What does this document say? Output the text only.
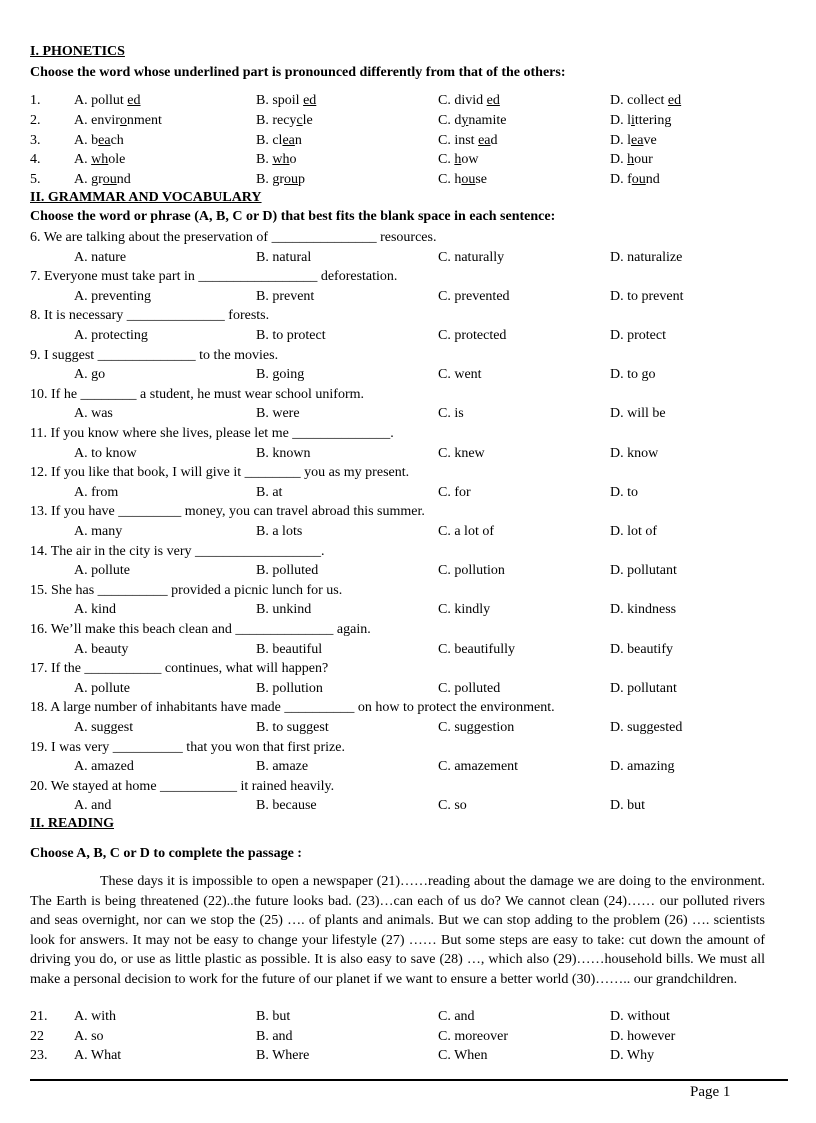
I. PHONETICS
Choose the word whose underlined part is pronounced differently from that of the others:
1. A. pollut ed	B. spoil ed	C. divid ed	D. collect ed
2. A. environment	B. recycle	C. dynamite	D. littering
3. A. beach	B. clean	C. inst ead	D. leave
4. A. whole	B. who	C. how	D. hour
5. A. ground	B. group	C. house	D. found
II. GRAMMAR AND VOCABULARY
Choose the word or phrase (A, B, C or D) that best fits the blank space in each sentence:
6. We are talking about the preservation of _______________ resources.
A. nature	B. natural	C. naturally	D. naturalize
7. Everyone must take part in _________________ deforestation.
A. preventing	B. prevent	C. prevented	D. to prevent
8. It is necessary ______________ forests.
A. protecting	B. to protect	C. protected	D. protect
9. I suggest ______________ to the movies.
A. go	B. going	C. went	D. to go
10. If he ________ a student, he must wear school uniform.
A. was	B. were	C. is	D. will be
11. If you know where she lives, please let me ______________.
A. to know	B. known	C. knew	D. know
12. If you like that book, I will give it ________ you as my present.
A. from	B. at	C. for	D. to
13. If you have _________ money, you can travel abroad this summer.
A. many	B. a lots	C. a lot of	D. lot of
14. The air in the city is very __________________.
A. pollute	B. polluted	C. pollution	D. pollutant
15. She has __________ provided a picnic lunch for us.
A. kind	B. unkind	C. kindly	D. kindness
16. We’ll make this beach clean and ______________ again.
A. beauty	B. beautiful	C. beautifully	D. beautify
17. If the ___________ continues, what will happen?
A. pollute	B. pollution	C. polluted	D. pollutant
18. A large number of inhabitants have made __________ on how to protect the environment.
A. suggest	B. to suggest	C. suggestion	D. suggested
19. I was very __________ that you won that first prize.
A. amazed	B. amaze	C. amazement	D. amazing
20. We stayed at home ___________ it rained heavily.
A. and	B. because	C. so	D. but
II. READING
Choose A, B, C or D to complete the passage :
These days it is impossible to open a newspaper (21)……reading about the damage we are doing to the environment. The Earth is being threatened (22)..the future looks bad. (23)…can each of us do? We cannot clean (24)…… our polluted rivers and seas overnight, nor can we stop the (25) …. of plants and animals. But we can stop adding to the problem (26) …. scientists look for answers. It may not be easy to change your lifestyle (27) …… But some steps are easy to take: cut down the amount of driving you do, or use as little plastic as possible. It is also easy to save (28) …, which also (29)……household bills. We must all make a personal decision to work for the future of our planet if we want to ensure a better world (30)…….. our grandchildren.
21. A. with	B. but	C. and	D. without
22 A. so	B. and	C. moreover	D. however
23. A. What	B. Where	C. When	D. Why
Page 1
